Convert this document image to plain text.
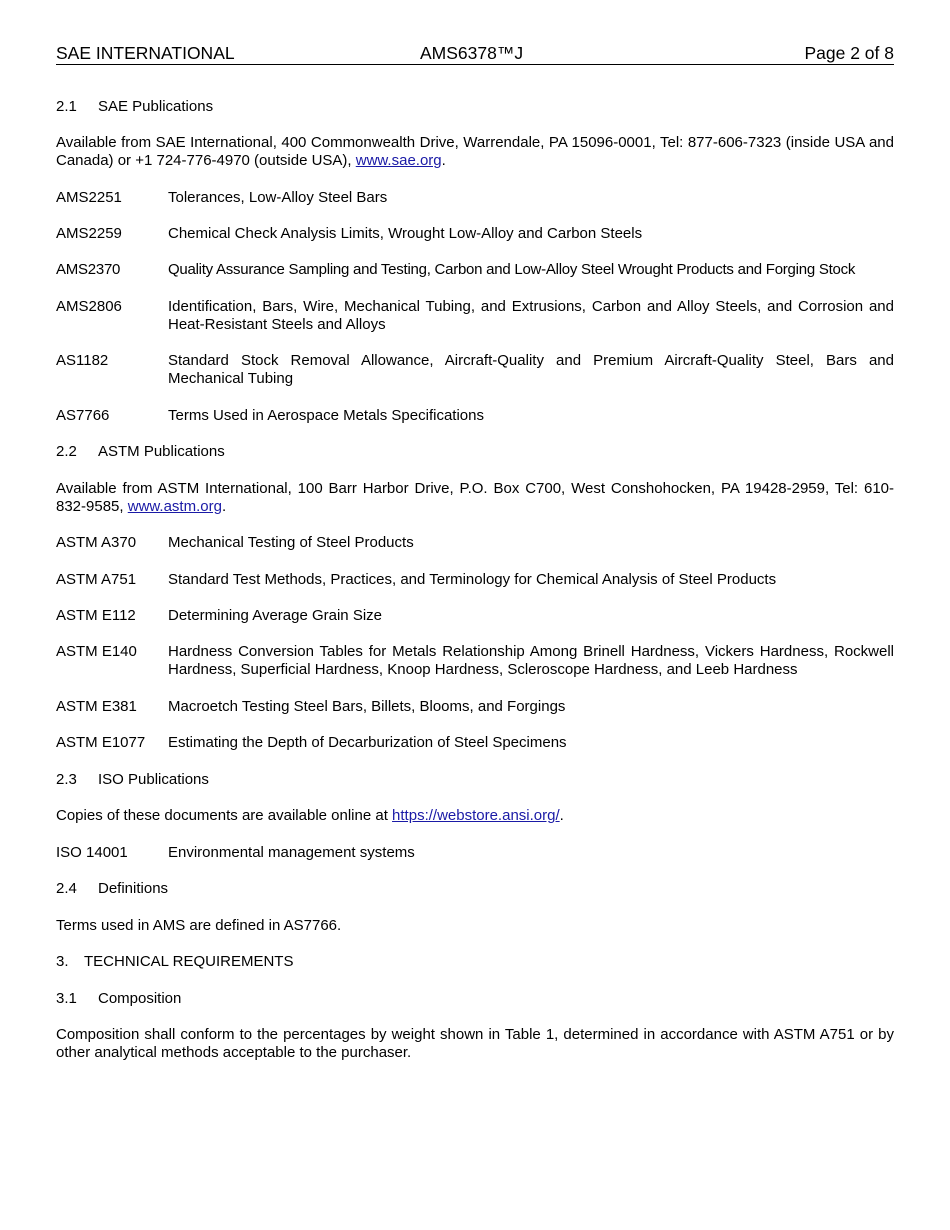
SAE INTERNATIONAL	AMS6378™J	Page 2 of 8
2.1 SAE Publications
Available from SAE International, 400 Commonwealth Drive, Warrendale, PA 15096-0001, Tel: 877-606-7323 (inside USA and Canada) or +1 724-776-4970 (outside USA), www.sae.org.
AMS2251	Tolerances, Low-Alloy Steel Bars
AMS2259	Chemical Check Analysis Limits, Wrought Low-Alloy and Carbon Steels
AMS2370	Quality Assurance Sampling and Testing, Carbon and Low-Alloy Steel Wrought Products and Forging Stock
AMS2806	Identification, Bars, Wire, Mechanical Tubing, and Extrusions, Carbon and Alloy Steels, and Corrosion and Heat-Resistant Steels and Alloys
AS1182	Standard Stock Removal Allowance, Aircraft-Quality and Premium Aircraft-Quality Steel, Bars and Mechanical Tubing
AS7766	Terms Used in Aerospace Metals Specifications
2.2 ASTM Publications
Available from ASTM International, 100 Barr Harbor Drive, P.O. Box C700, West Conshohocken, PA 19428-2959, Tel: 610-832-9585, www.astm.org.
ASTM A370 Mechanical Testing of Steel Products
ASTM A751 Standard Test Methods, Practices, and Terminology for Chemical Analysis of Steel Products
ASTM E112 Determining Average Grain Size
ASTM E140 Hardness Conversion Tables for Metals Relationship Among Brinell Hardness, Vickers Hardness, Rockwell Hardness, Superficial Hardness, Knoop Hardness, Scleroscope Hardness, and Leeb Hardness
ASTM E381 Macroetch Testing Steel Bars, Billets, Blooms, and Forgings
ASTM E1077 Estimating the Depth of Decarburization of Steel Specimens
2.3 ISO Publications
Copies of these documents are available online at https://webstore.ansi.org/.
ISO 14001	Environmental management systems
2.4 Definitions
Terms used in AMS are defined in AS7766.
3. TECHNICAL REQUIREMENTS
3.1 Composition
Composition shall conform to the percentages by weight shown in Table 1, determined in accordance with ASTM A751 or by other analytical methods acceptable to the purchaser.
